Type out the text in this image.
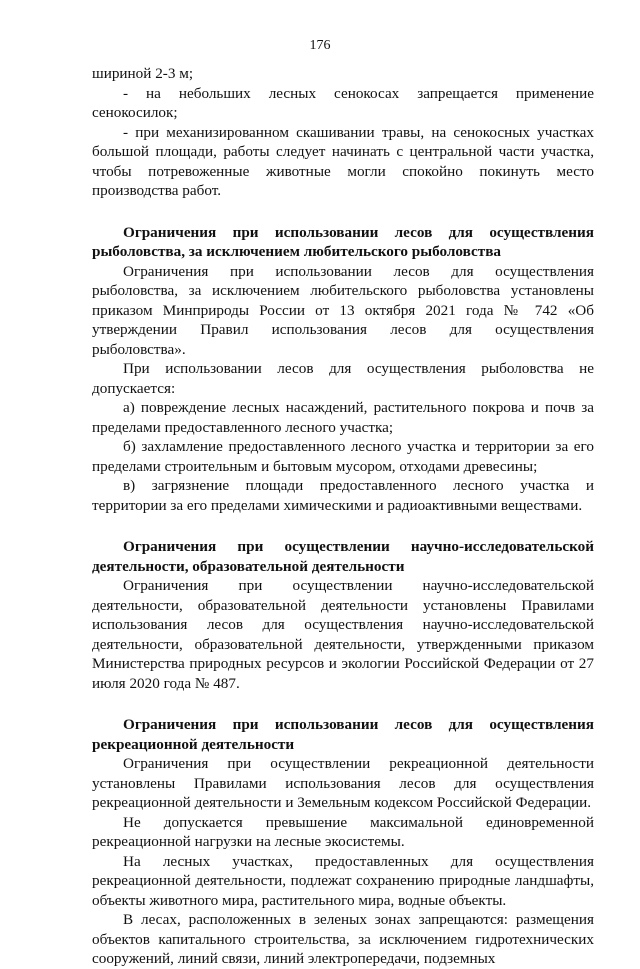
176

шириной 2-3 м;

- на небольших лесных сенокосах запрещается применение сенокосилок;

- при механизированном скашивании травы, на сенокосных участках большой площади, работы следует начинать с центральной части участка, чтобы потревоженные животные могли спокойно покинуть место производства работ.

Ограничения при использовании лесов для осуществления рыболовства, за исключением любительского рыболовства

Ограничения при использовании лесов для осуществления рыболовства, за исключением любительского рыболовства установлены приказом Минприроды России от 13 октября 2021 года № 742 «Об утверждении Правил использования лесов для осуществления рыболовства».

При использовании лесов для осуществления рыболовства не допускается:

а) повреждение лесных насаждений, растительного покрова и почв за пределами предоставленного лесного участка;

б) захламление предоставленного лесного участка и территории за его пределами строительным и бытовым мусором, отходами древесины;

в) загрязнение площади предоставленного лесного участка и территории за его пределами химическими и радиоактивными веществами.

Ограничения при осуществлении научно-исследовательской деятельности, образовательной деятельности

Ограничения при осуществлении научно-исследовательской деятельности, образовательной деятельности установлены Правилами использования лесов для осуществления научно-исследовательской деятельности, образовательной деятельности, утвержденными приказом Министерства природных ресурсов и экологии Российской Федерации от 27 июля 2020 года № 487.

Ограничения при использовании лесов для осуществления рекреационной деятельности

Ограничения при осуществлении рекреационной деятельности установлены Правилами использования лесов для осуществления рекреационной деятельности и Земельным кодексом Российской Федерации.

Не допускается превышение максимальной единовременной рекреационной нагрузки на лесные экосистемы.

На лесных участках, предоставленных для осуществления рекреационной деятельности, подлежат сохранению природные ландшафты, объекты животного мира, растительного мира, водные объекты.

В лесах, расположенных в зеленых зонах запрещаются: размещения объектов капитального строительства, за исключением гидротехнических сооружений, линий связи, линий электропередачи, подземных
